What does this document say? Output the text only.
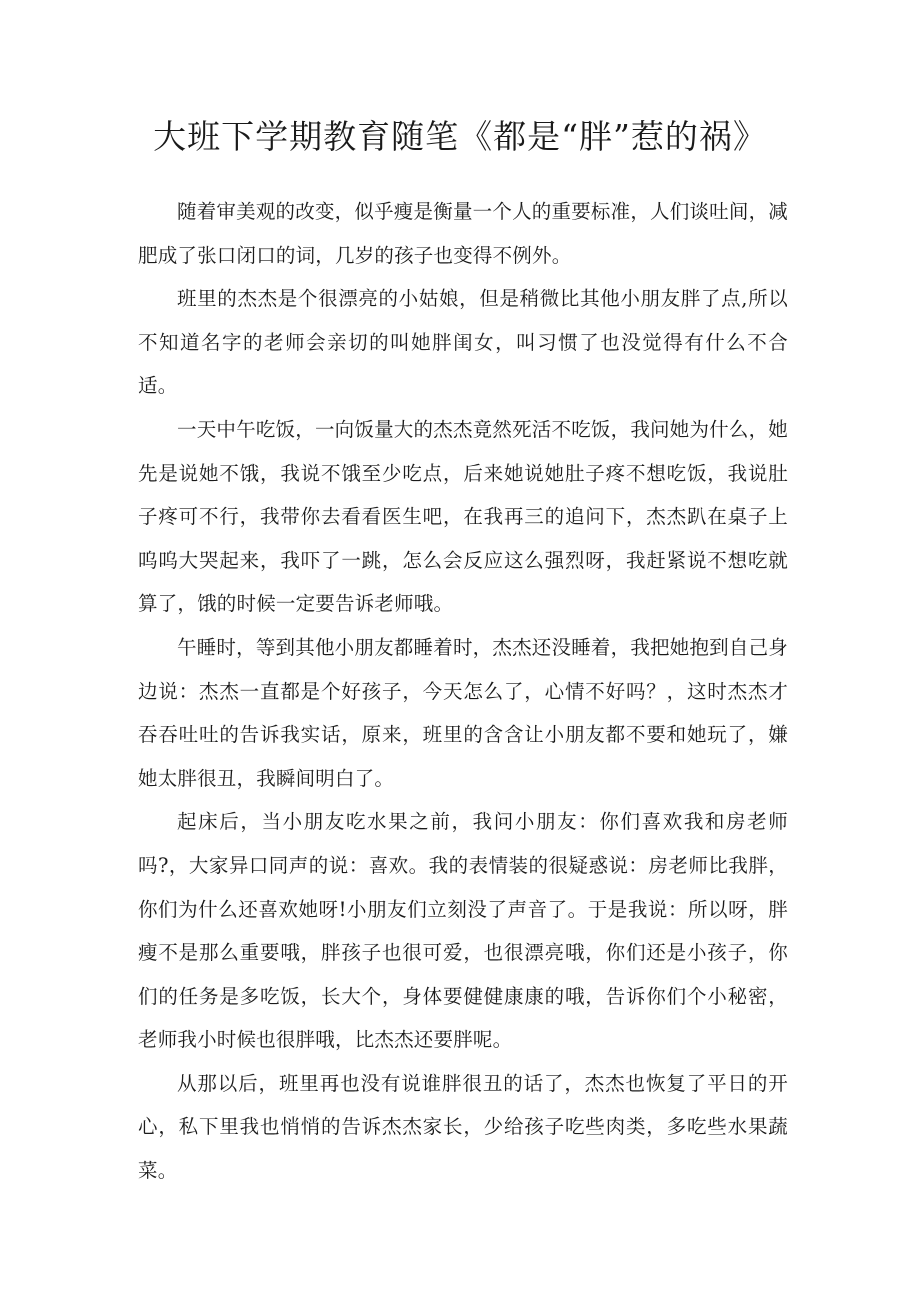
大班下学期教育随笔《都是“胖”惹的祸》

随着审美观的改变，似乎瘦是衡量一个人的重要标准，人们谈吐间，减肥成了张口闭口的词，几岁的孩子也变得不例外。

班里的杰杰是个很漂亮的小姑娘，但是稍微比其他小朋友胖了点,所以不知道名字的老师会亲切的叫她胖闺女，叫习惯了也没觉得有什么不合适。

一天中午吃饭，一向饭量大的杰杰竟然死活不吃饭，我问她为什么，她先是说她不饿，我说不饿至少吃点，后来她说她肚子疼不想吃饭，我说肚子疼可不行，我带你去看看医生吧，在我再三的追问下，杰杰趴在桌子上呜呜大哭起来，我吓了一跳，怎么会反应这么强烈呀，我赶紧说不想吃就算了，饿的时候一定要告诉老师哦。

午睡时，等到其他小朋友都睡着时，杰杰还没睡着，我把她抱到自己身边说：杰杰一直都是个好孩子，今天怎么了，心情不好吗？，这时杰杰才吞吞吐吐的告诉我实话，原来，班里的含含让小朋友都不要和她玩了，嫌她太胖很丑，我瞬间明白了。

起床后，当小朋友吃水果之前，我问小朋友：你们喜欢我和房老师吗?，大家异口同声的说：喜欢。我的表情装的很疑惑说：房老师比我胖，你们为什么还喜欢她呀!小朋友们立刻没了声音了。于是我说：所以呀，胖瘦不是那么重要哦，胖孩子也很可爱，也很漂亮哦，你们还是小孩子，你们的任务是多吃饭，长大个，身体要健健康康的哦，告诉你们个小秘密，老师我小时候也很胖哦，比杰杰还要胖呢。

从那以后，班里再也没有说谁胖很丑的话了，杰杰也恢复了平日的开心，私下里我也悄悄的告诉杰杰家长，少给孩子吃些肉类，多吃些水果蔬菜。
